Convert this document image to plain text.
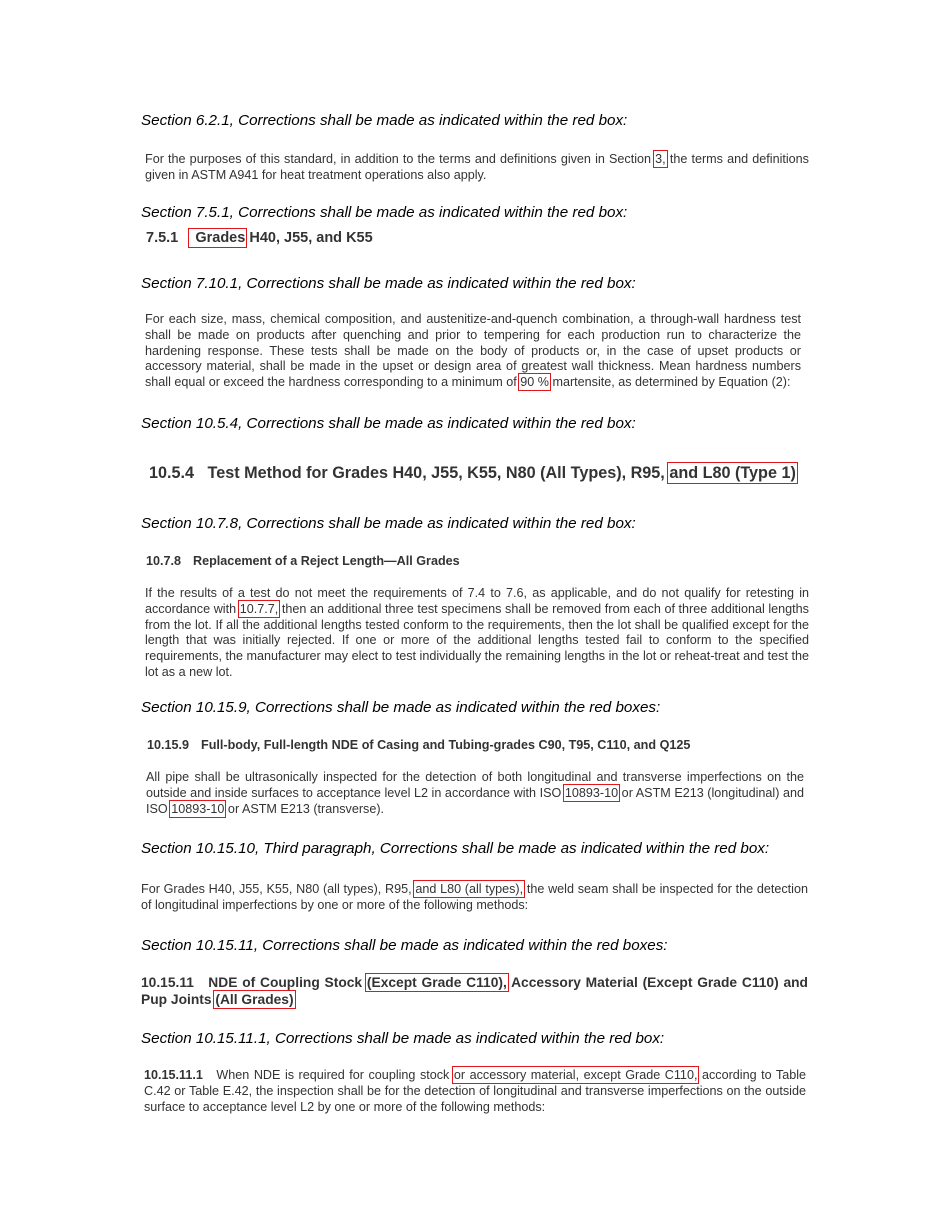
Section 6.2.1, Corrections shall be made as indicated within the red box:
For the purposes of this standard, in addition to the terms and definitions given in Section 3, the terms and definitions given in ASTM A941 for heat treatment operations also apply.
Section 7.5.1, Corrections shall be made as indicated within the red box:
7.5.1 Grades H40, J55, and K55
Section 7.10.1, Corrections shall be made as indicated within the red box:
For each size, mass, chemical composition, and austenitize-and-quench combination, a through-wall hardness test shall be made on products after quenching and prior to tempering for each production run to characterize the hardening response. These tests shall be made on the body of products or, in the case of upset products or accessory material, shall be made in the upset or design area of greatest wall thickness. Mean hardness numbers shall equal or exceed the hardness corresponding to a minimum of 90 % martensite, as determined by Equation (2):
Section 10.5.4, Corrections shall be made as indicated within the red box:
10.5.4 Test Method for Grades H40, J55, K55, N80 (All Types), R95, and L80 (Type 1)
Section 10.7.8, Corrections shall be made as indicated within the red box:
10.7.8 Replacement of a Reject Length—All Grades
If the results of a test do not meet the requirements of 7.4 to 7.6, as applicable, and do not qualify for retesting in accordance with 10.7.7, then an additional three test specimens shall be removed from each of three additional lengths from the lot. If all the additional lengths tested conform to the requirements, then the lot shall be qualified except for the length that was initially rejected. If one or more of the additional lengths tested fail to conform to the specified requirements, the manufacturer may elect to test individually the remaining lengths in the lot or reheat-treat and test the lot as a new lot.
Section 10.15.9, Corrections shall be made as indicated within the red boxes:
10.15.9 Full-body, Full-length NDE of Casing and Tubing-grades C90, T95, C110, and Q125
All pipe shall be ultrasonically inspected for the detection of both longitudinal and transverse imperfections on the outside and inside surfaces to acceptance level L2 in accordance with ISO 10893-10 or ASTM E213 (longitudinal) and ISO 10893-10 or ASTM E213 (transverse).
Section 10.15.10, Third paragraph, Corrections shall be made as indicated within the red box:
For Grades H40, J55, K55, N80 (all types), R95, and L80 (all types), the weld seam shall be inspected for the detection of longitudinal imperfections by one or more of the following methods:
Section 10.15.11, Corrections shall be made as indicated within the red boxes:
10.15.11   NDE of Coupling Stock (Except Grade C110), Accessory Material (Except Grade C110) and Pup Joints (All Grades)
Section 10.15.11.1, Corrections shall be made as indicated within the red box:
10.15.11.1   When NDE is required for coupling stock or accessory material, except Grade C110, according to Table C.42 or Table E.42, the inspection shall be for the detection of longitudinal and transverse imperfections on the outside surface to acceptance level L2 by one or more of the following methods:
